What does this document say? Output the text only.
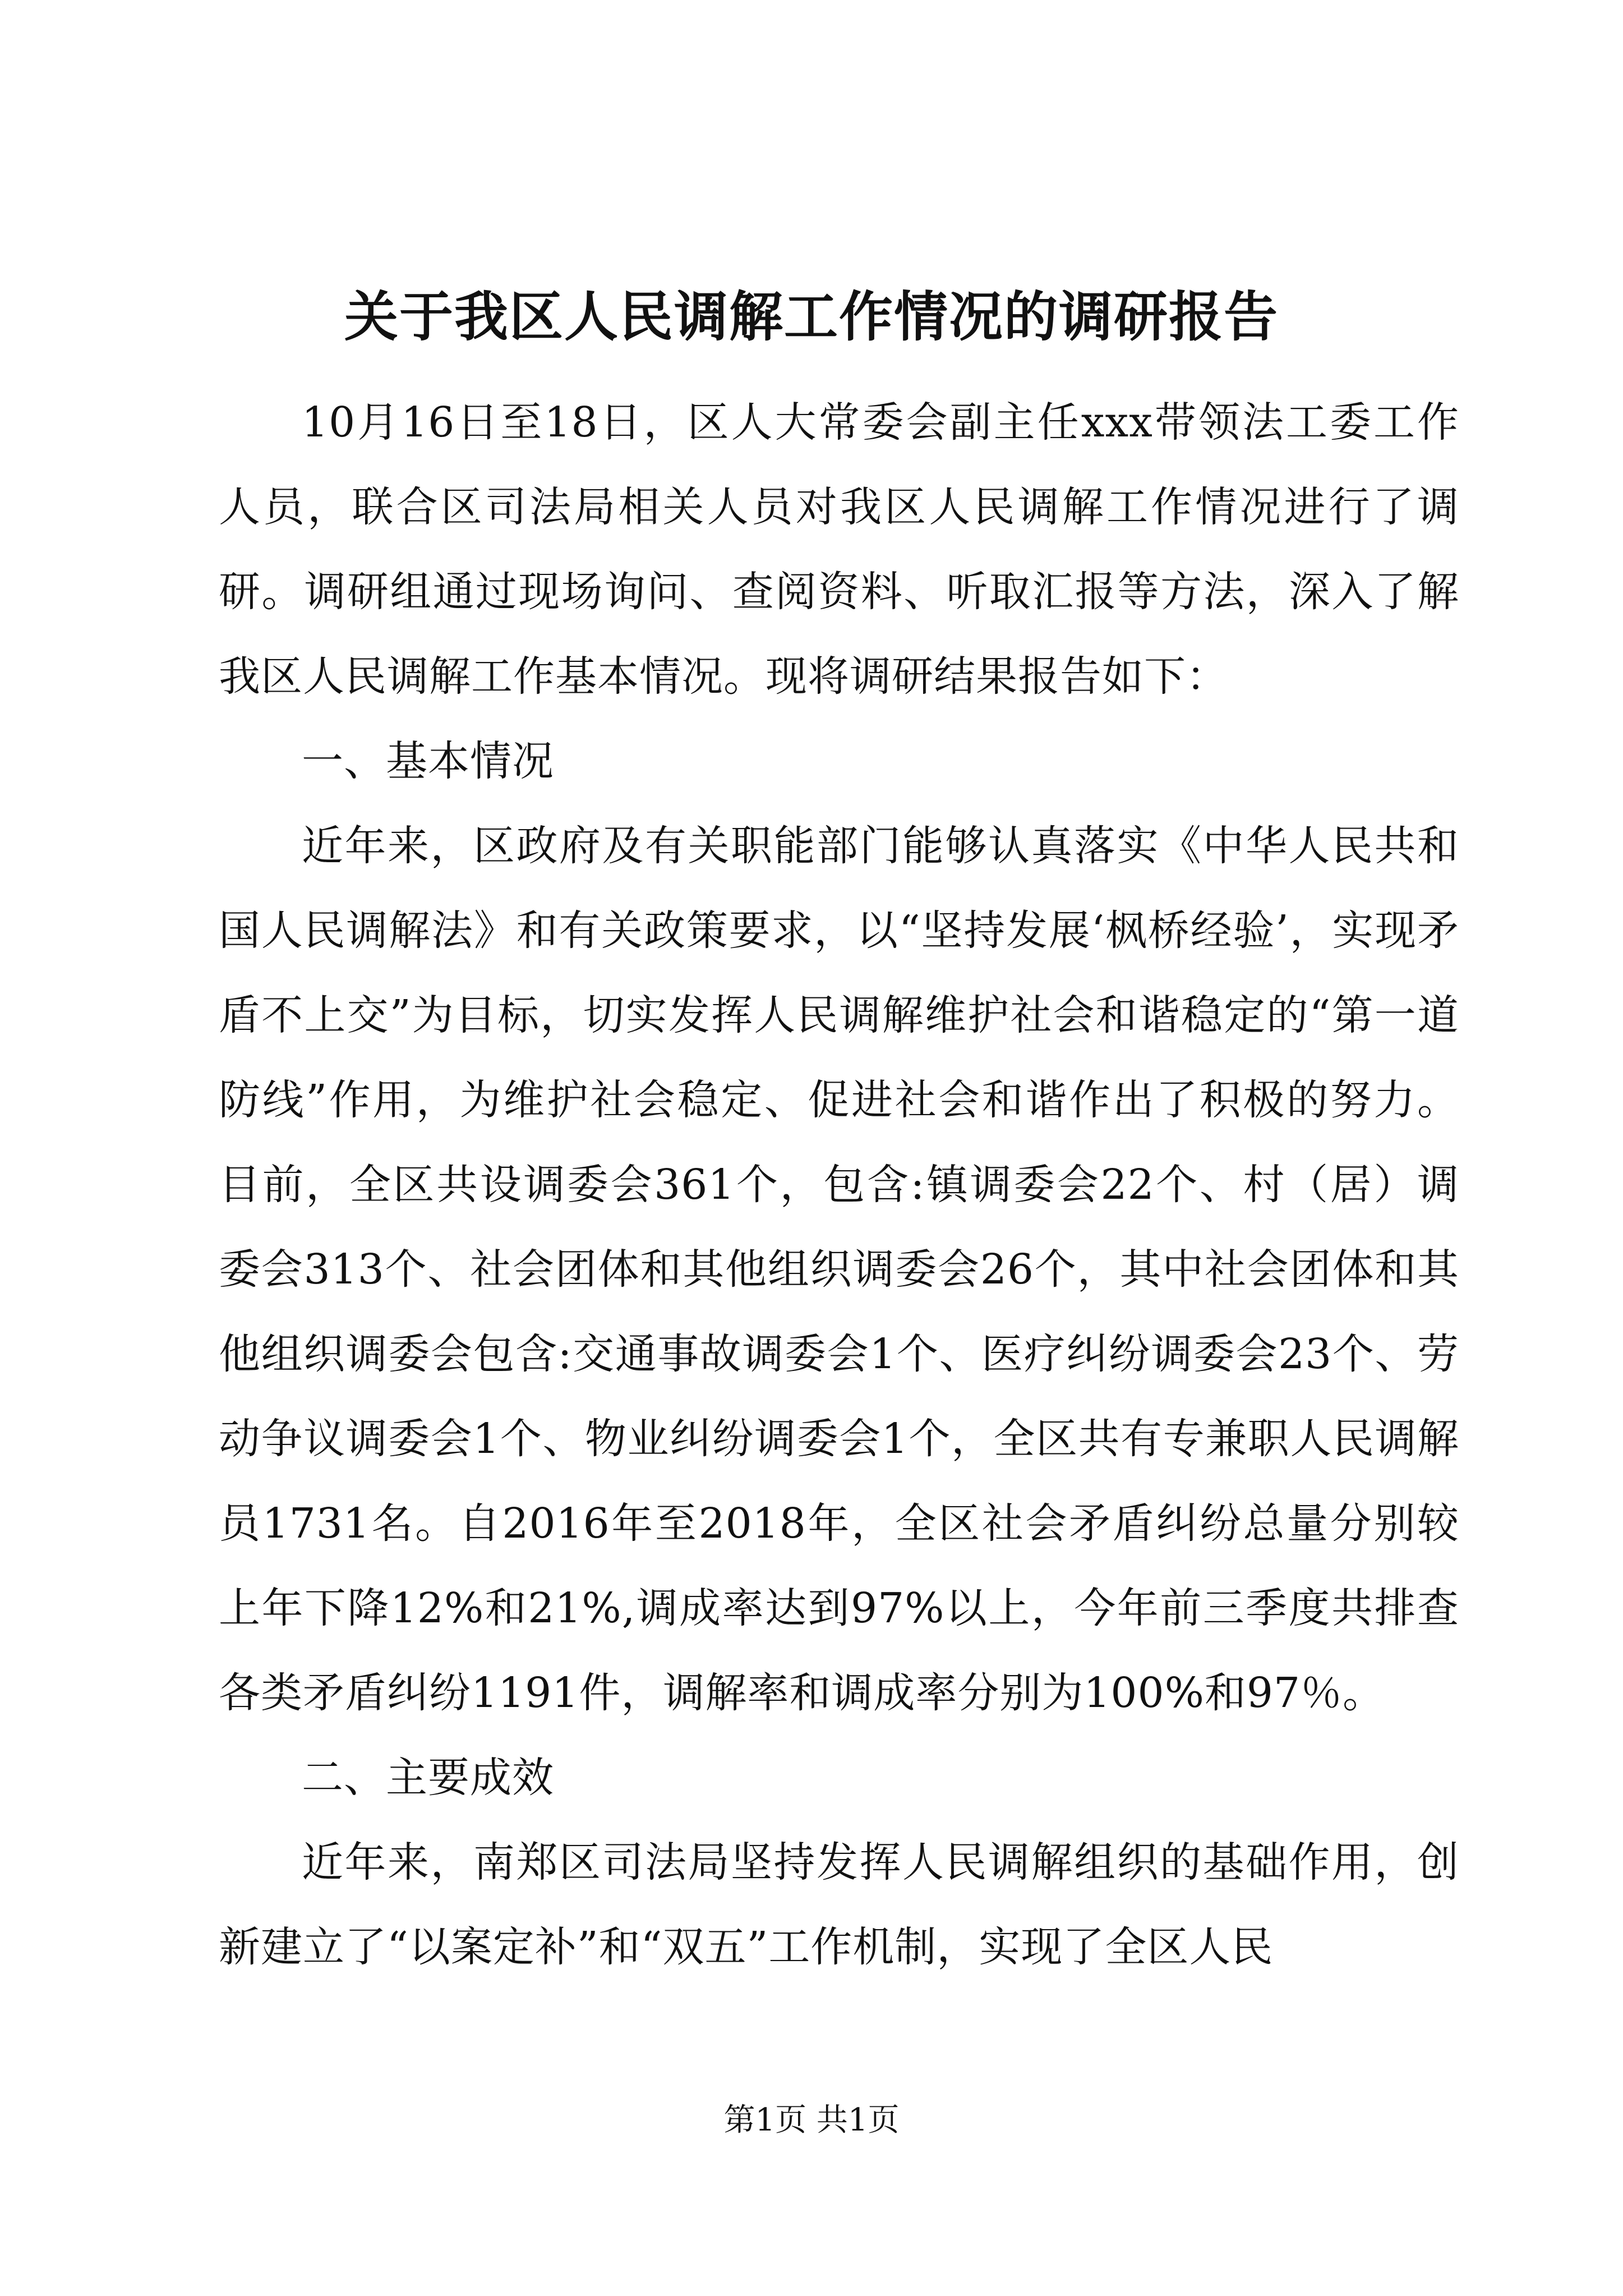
关于我区人民调解工作情况的调研报告

10月16日至18日，区人大常委会副主任xxx带领法工委工作人员，联合区司法局相关人员对我区人民调解工作情况进行了调研。调研组通过现场询问、查阅资料、听取汇报等方法，深入了解我区人民调解工作基本情况。现将调研结果报告如下：

一、基本情况

近年来，区政府及有关职能部门能够认真落实《中华人民共和国人民调解法》和有关政策要求，以“坚持发展‘枫桥经验’，实现矛盾不上交”为目标，切实发挥人民调解维护社会和谐稳定的“第一道防线”作用，为维护社会稳定、促进社会和谐作出了积极的努力。目前，全区共设调委会361个，包含:镇调委会22个、村（居）调委会313个、社会团体和其他组织调委会26个，其中社会团体和其他组织调委会包含:交通事故调委会1个、医疗纠纷调委会23个、劳动争议调委会1个、物业纠纷调委会1个，全区共有专兼职人民调解员1731名。自2016年至2018年，全区社会矛盾纠纷总量分别较上年下降12%和21%,调成率达到97%以上，今年前三季度共排查各类矛盾纠纷1191件，调解率和调成率分别为100%和97％。

二、主要成效

近年来，南郑区司法局坚持发挥人民调解组织的基础作用，创新建立了“以案定补”和“双五”工作机制，实现了全区人民

第1页 共1页
